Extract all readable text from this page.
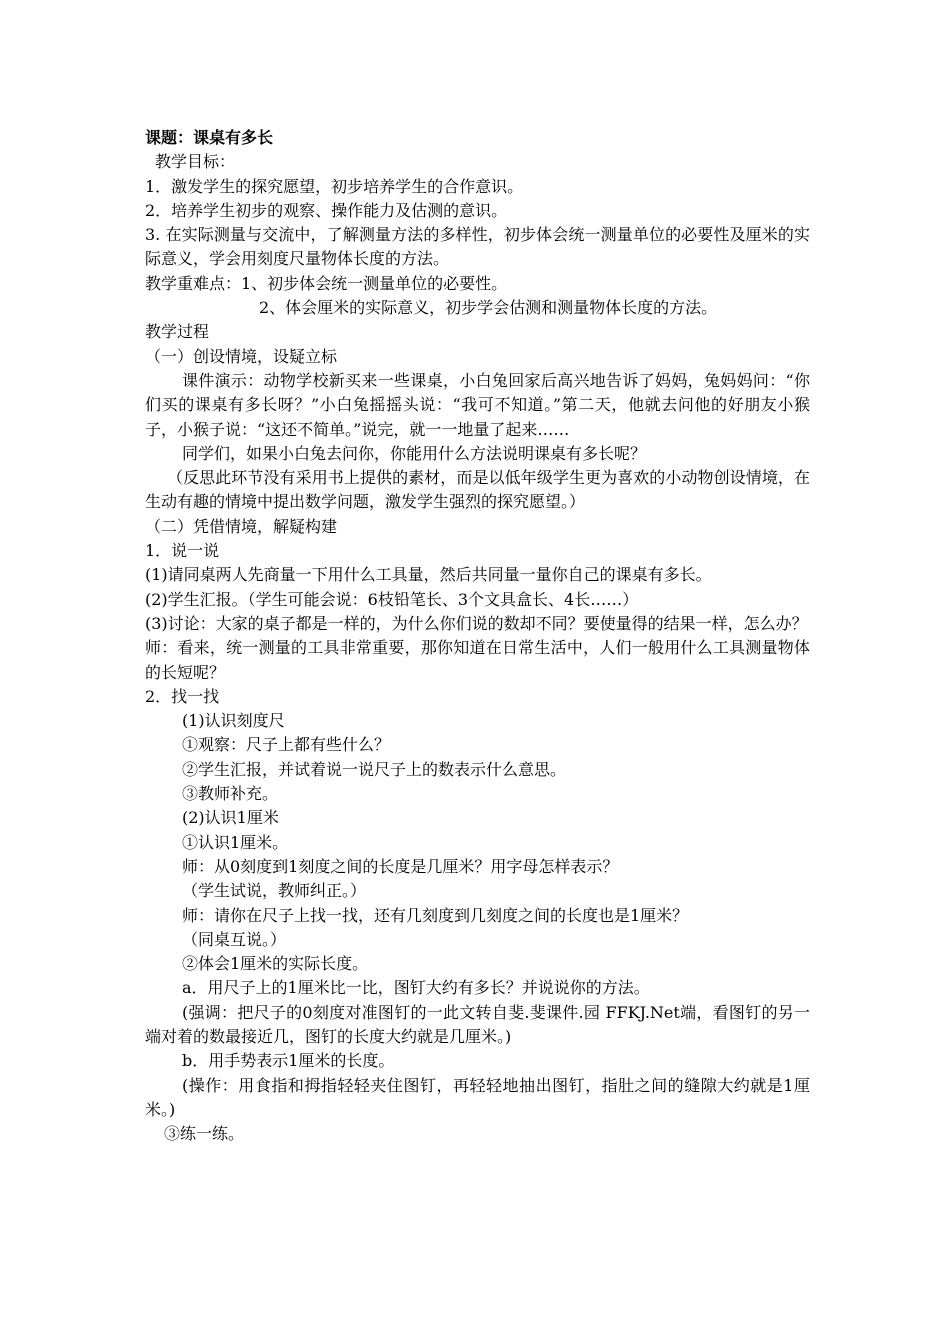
课题：课桌有多长

教学目标：

1．激发学生的探究愿望，初步培养学生的合作意识。

2．培养学生初步的观察、操作能力及估测的意识。

3. 在实际测量与交流中，了解测量方法的多样性，初步体会统一测量单位的必要性及厘米的实际意义，学会用刻度尺量物体长度的方法。

教学重难点：1、初步体会统一测量单位的必要性。

2、体会厘米的实际意义，初步学会估测和测量物体长度的方法。

教学过程

（一）创设情境，设疑立标

课件演示：动物学校新买来一些课桌，小白兔回家后高兴地告诉了妈妈，兔妈妈问：“你们买的课桌有多长呀？”小白兔摇摇头说：“我可不知道。”第二天，他就去问他的好朋友小猴子，小猴子说：“这还不简单。”说完，就一一地量了起来……

同学们，如果小白兔去问你，你能用什么方法说明课桌有多长呢？

（反思此环节没有采用书上提供的素材，而是以低年级学生更为喜欢的小动物创设情境，在生动有趣的情境中提出数学问题，激发学生强烈的探究愿望。）

（二）凭借情境，解疑构建

1．说一说

(1)请同桌两人先商量一下用什么工具量，然后共同量一量你自己的课桌有多长。

(2)学生汇报。（学生可能会说：6枝铅笔长、3个文具盒长、4长……）

(3)讨论：大家的桌子都是一样的，为什么你们说的数却不同？要使量得的结果一样，怎么办？

师：看来，统一测量的工具非常重要，那你知道在日常生活中，人们一般用什么工具测量物体的长短呢？

2．找一找

(1)认识刻度尺

①观察：尺子上都有些什么？

②学生汇报，并试着说一说尺子上的数表示什么意思。

③教师补充。

(2)认识1厘米

①认识1厘米。

师：从0刻度到1刻度之间的长度是几厘米？用字母怎样表示？

（学生试说，教师纠正。）

师：请你在尺子上找一找，还有几刻度到几刻度之间的长度也是1厘米？

（同桌互说。）

②体会1厘米的实际长度。

a．用尺子上的1厘米比一比，图钉大约有多长？并说说你的方法。

(强调：把尺子的0刻度对准图钉的一此文转自斐.斐课件.园 FFKJ.Net端，看图钉的另一端对着的数最接近几，图钉的长度大约就是几厘米。)

b．用手势表示1厘米的长度。

(操作：用食指和拇指轻轻夹住图钉，再轻轻地抽出图钉，指肚之间的缝隙大约就是1厘米。)

③练一练。
